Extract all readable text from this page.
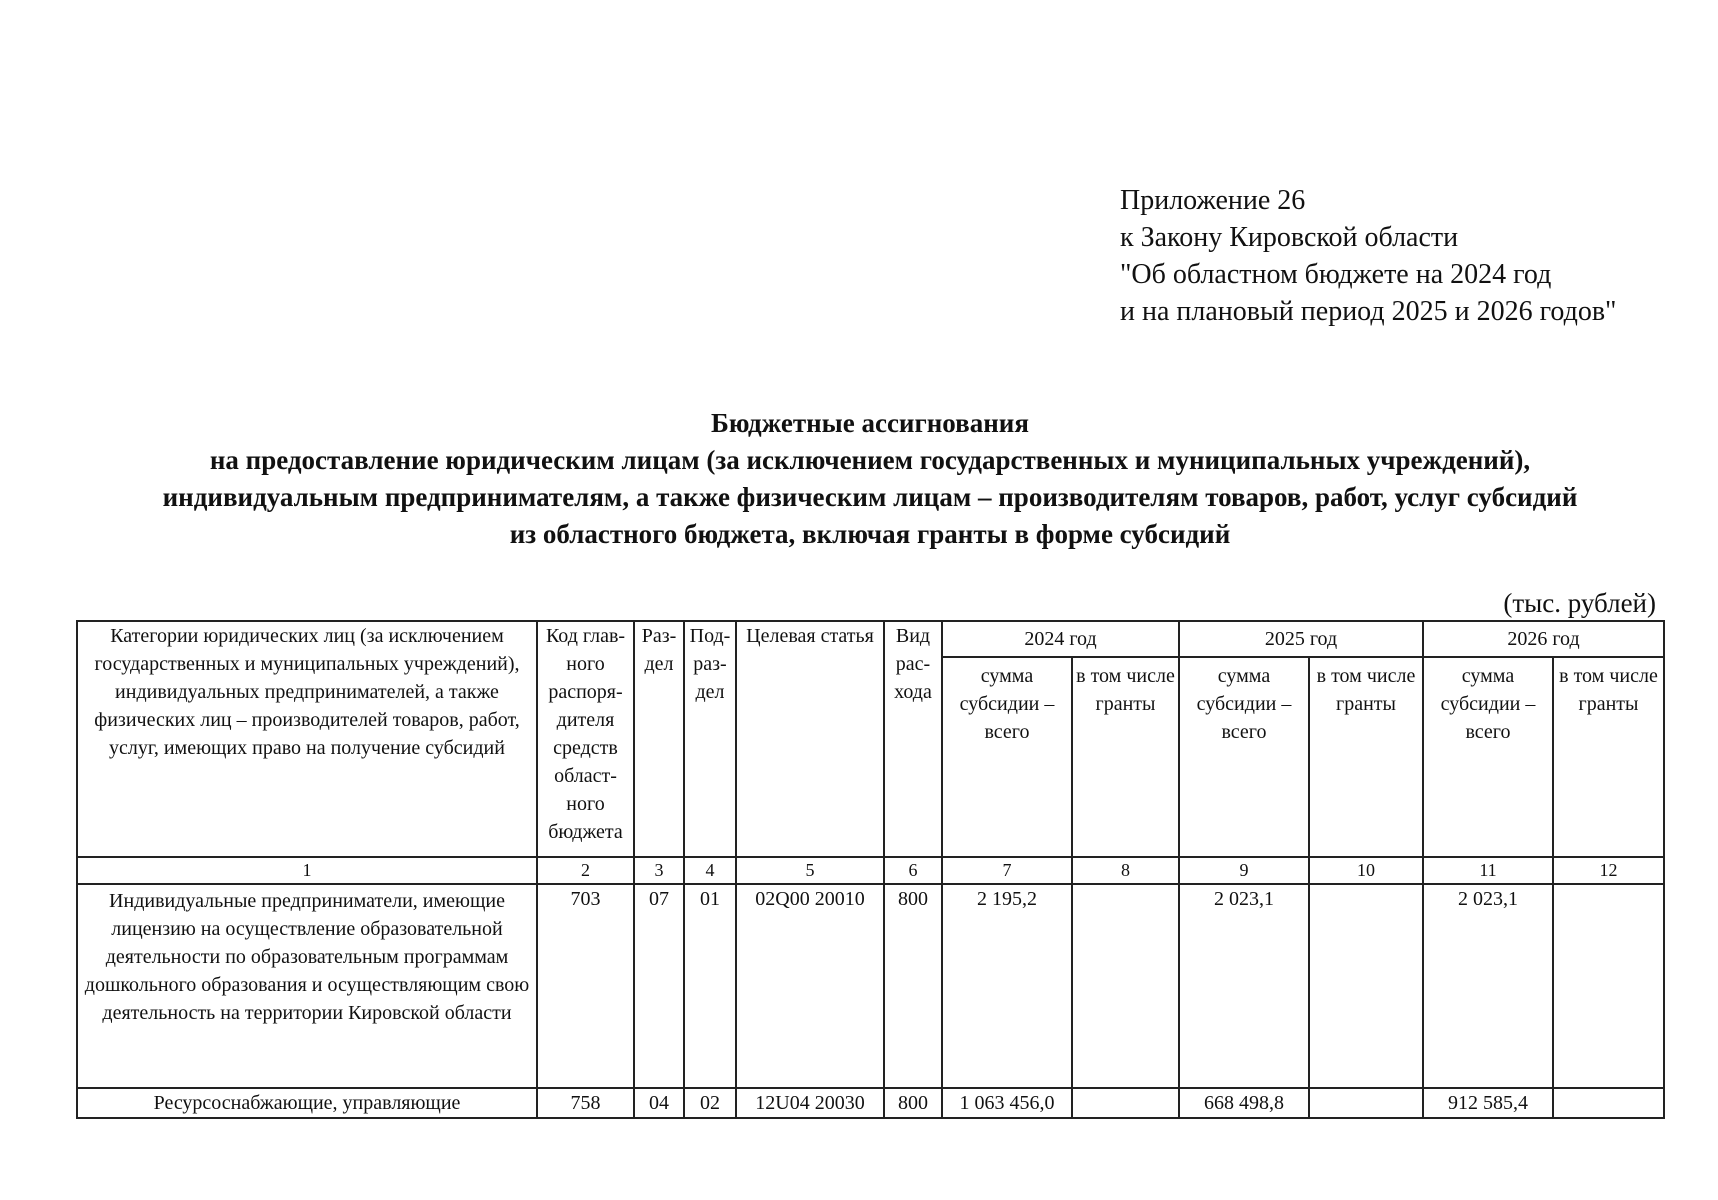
Приложение 26
к Закону Кировской области
"Об областном бюджете на 2024 год
и на плановый период 2025 и 2026 годов"
Бюджетные ассигнования
на предоставление юридическим лицам (за исключением государственных и муниципальных учреждений),
индивидуальным предпринимателям, а также физическим лицам – производителям товаров, работ, услуг субсидий
из областного бюджета, включая гранты в форме субсидий
(тыс. рублей)
Категории юридических лиц (за исключением государственных и муниципальных учреждений), индивидуальных предпринимателей, а также физических лиц – производителей товаров, работ, услуг, имеющих право на получение субсидий	Код глав- ного распоря- дителя средств област- ного бюджета	Раз- дел	Под- раз- дел	Целевая статья	Вид рас- хода	2024 год		2025 год		2026 год	
						сумма субсидии – всего	в том числе гранты	сумма субсидии – всего	в том числе гранты	сумма субсидии – всего	в том числе гранты
1	2	3	4	5	6	7	8	9	10	11	12
Индивидуальные предприниматели, имеющие лицензию на осуществление образовательной деятельности по образовательным программам дошкольного образования и осуществляющим свою деятельность на территории Кировской области	703	07	01	02Q00 20010	800	2 195,2		2 023,1		2 023,1	
Ресурсоснабжающие, управляющие	758	04	02	12U04 20030	800	1 063 456,0		668 498,8		912 585,4	
